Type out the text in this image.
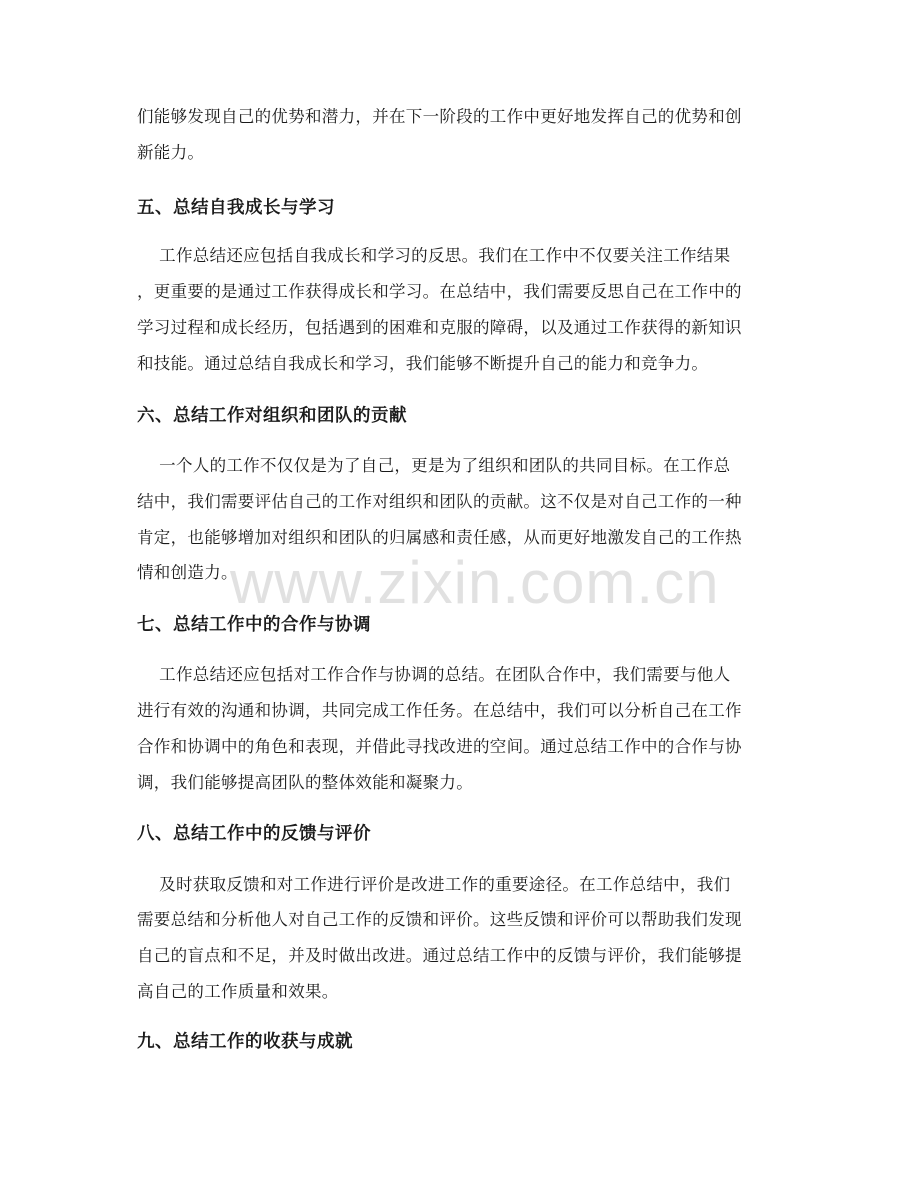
们能够发现自己的优势和潜力，并在下一阶段的工作中更好地发挥自己的优势和创
新能力。
五、总结自我成长与学习
工作总结还应包括自我成长和学习的反思。我们在工作中不仅要关注工作结果
，更重要的是通过工作获得成长和学习。在总结中，我们需要反思自己在工作中的
学习过程和成长经历，包括遇到的困难和克服的障碍，以及通过工作获得的新知识
和技能。通过总结自我成长和学习，我们能够不断提升自己的能力和竞争力。
六、总结工作对组织和团队的贡献
一个人的工作不仅仅是为了自己，更是为了组织和团队的共同目标。在工作总
结中，我们需要评估自己的工作对组织和团队的贡献。这不仅是对自己工作的一种
肯定，也能够增加对组织和团队的归属感和责任感，从而更好地激发自己的工作热
情和创造力。
七、总结工作中的合作与协调
工作总结还应包括对工作合作与协调的总结。在团队合作中，我们需要与他人
进行有效的沟通和协调，共同完成工作任务。在总结中，我们可以分析自己在工作
合作和协调中的角色和表现，并借此寻找改进的空间。通过总结工作中的合作与协
调，我们能够提高团队的整体效能和凝聚力。
八、总结工作中的反馈与评价
及时获取反馈和对工作进行评价是改进工作的重要途径。在工作总结中，我们
需要总结和分析他人对自己工作的反馈和评价。这些反馈和评价可以帮助我们发现
自己的盲点和不足，并及时做出改进。通过总结工作中的反馈与评价，我们能够提
高自己的工作质量和效果。
九、总结工作的收获与成就
www.zixin.com.cn
